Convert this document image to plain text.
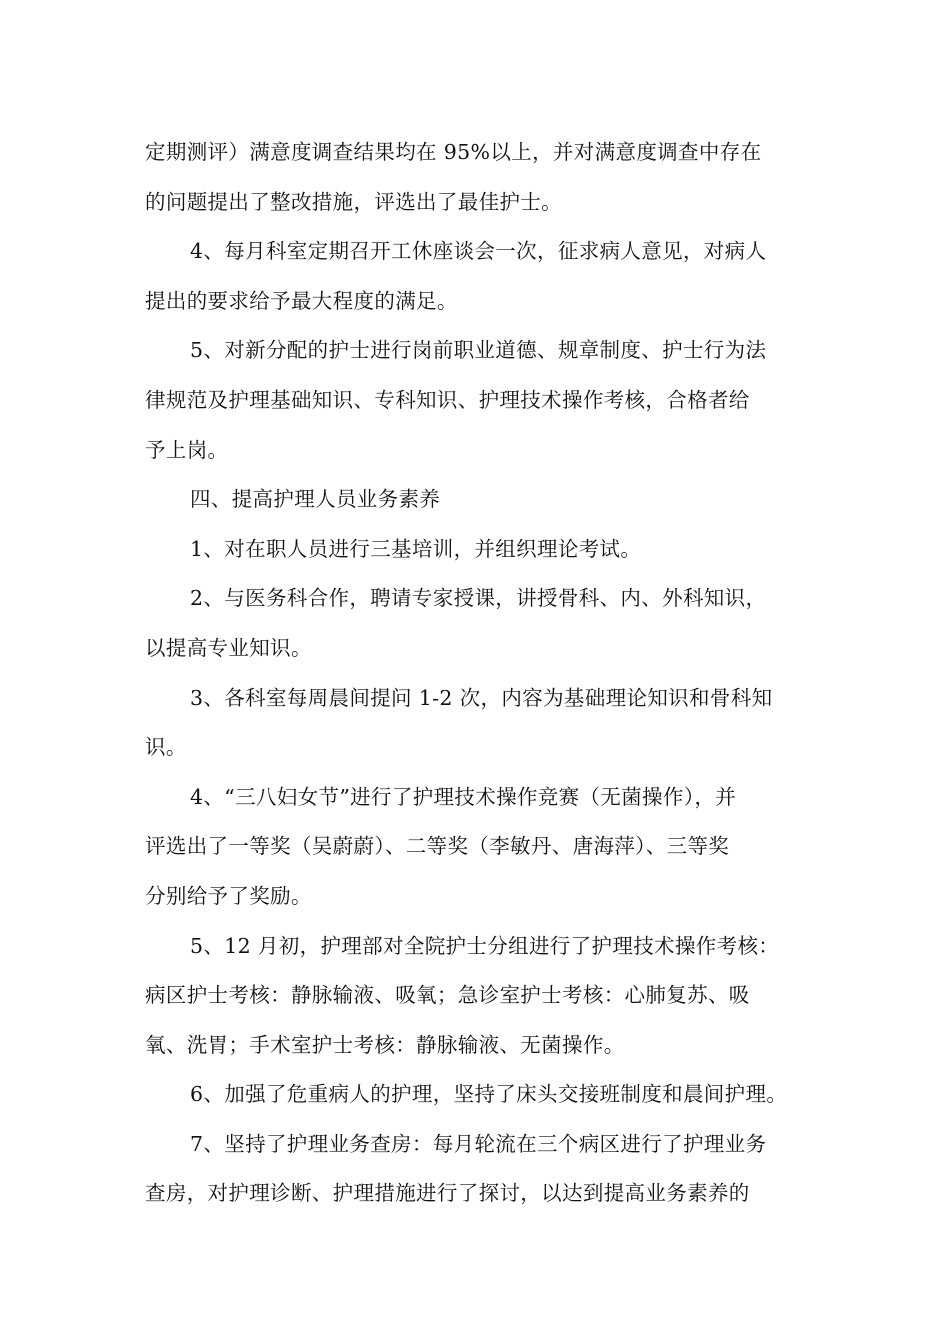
定期测评）满意度调查结果均在 95%以上，并对满意度调查中存在
的问题提出了整改措施，评选出了最佳护士。
4、每月科室定期召开工休座谈会一次，征求病人意见，对病人
提出的要求给予最大程度的满足。
5、对新分配的护士进行岗前职业道德、规章制度、护士行为法
律规范及护理基础知识、专科知识、护理技术操作考核，合格者给
予上岗。
四、提高护理人员业务素养
1、对在职人员进行三基培训，并组织理论考试。
2、与医务科合作，聘请专家授课，讲授骨科、内、外科知识，
以提高专业知识。
3、各科室每周晨间提问 1-2 次，内容为基础理论知识和骨科知
识。
4、“三八妇女节”进行了护理技术操作竞赛（无菌操作），并
评选出了一等奖（吴蔚蔚）、二等奖（李敏丹、唐海萍）、三等奖
分别给予了奖励。
5、12 月初，护理部对全院护士分组进行了护理技术操作考核：
病区护士考核：静脉输液、吸氧；急诊室护士考核：心肺复苏、吸
氧、洗胃；手术室护士考核：静脉输液、无菌操作。
6、加强了危重病人的护理，坚持了床头交接班制度和晨间护理。
7、坚持了护理业务查房：每月轮流在三个病区进行了护理业务
查房，对护理诊断、护理措施进行了探讨，以达到提高业务素养的
